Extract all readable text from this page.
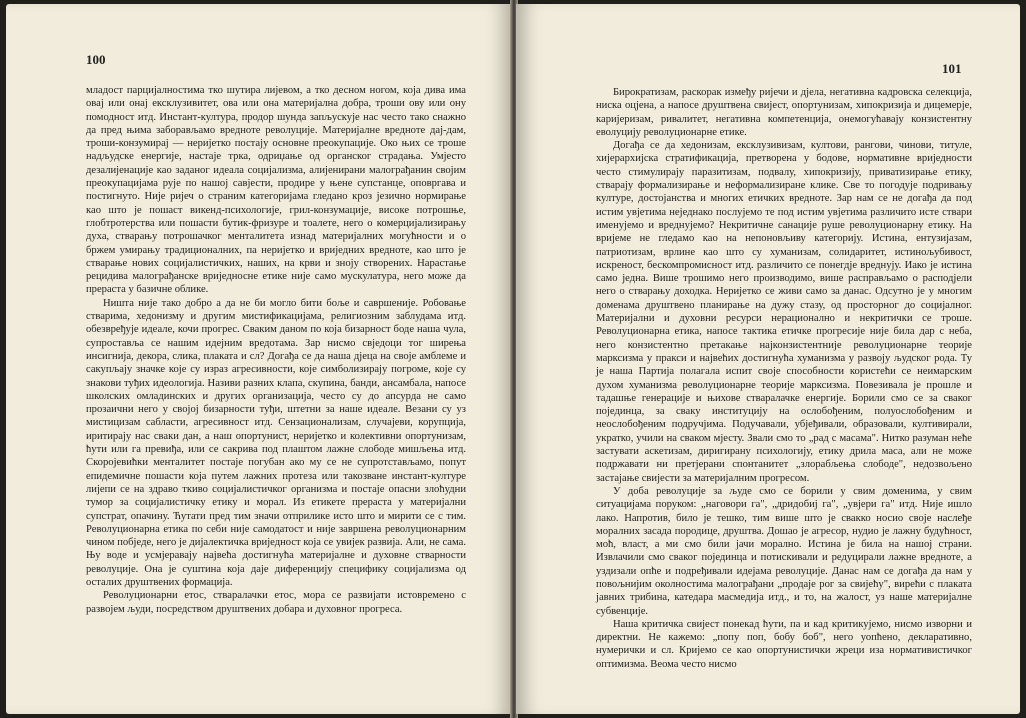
100

младост парцијалностима тко шутира лијевом, а тко десном ногом, која дива има овај или онај ексклузивитет, ова или она материјална добра, троши ову или ону помодност итд. Инстант-култура, продор шунда запљускује нас често тако снажно да пред њима заборављамо вредноте револуције. Материјалне вредноте дај-дам, троши-конзумирај — неријетко постају основне преокупације. Око њих се троше надљудске енергије, настаје трка, одриџање од органског страдања. Умјесто дезалијенације као заданог идеала социјализма, алијенирани малограђанин својим преокупацијама рује по нашој савјести, продире у њене супстанце, оповргава и постигнуто. Није ријеч о страним категоријама гледано кроз језично нормирање као што је пошаст викенд-психологије, грил-конзумације, високе потрошње, глобтротерства или пошасти бутик-фризуре и тоалете, него о комерцијализирању духа, стварању потрошачког менталитета изнад материјалних могућности и о бржем умирању традиционалних, па неријетко и вриједних вредноте, као што је стварање нових социјалистичких, наших, на крви и зноју створених. Нарастање рецидива малограђанске вриједносне етике није само мускулатура, него може да прераста у базичне облике.

Ништа није тако добро а да не би могло бити боље и савршеније. Робовање стварима, хедонизму и другим мистификацијама, религиозним заблудама итд. обезвређује идеале, кочи прогрес. Сваким даном по која бизарност боде наша чула, супростављa се нашим идејним вредотама. Зар нисмо свједоци тог ширења инсигнија, декора, слика, плаката и сл? Догађа се да наша дјеца на своје амблеме и сакупљају значке које су израз агресивности, које симболизирају погроме, које су знакови туђих идеологија. Називи разних клапа, скупина, банди, ансамбала, напосе школских омладинских и других организација, често су до апсурда не само прозаични него у својој бизарности туђи, штетни за наше идеале. Везани су уз мистицизам сабласти, агресивност итд. Сензационализам, случајеви, корупција, иритирају нас сваки дан, а наш опортунист, неријетко и колективни опортунизам, ћути или га превиђа, или се сакрива под плаштом лажне слободе мишљења итд. Скоројевићки менталитет постаје погубан ако му се не супротстављамо, попут епидемичне пошасти која путем лажних протеза или такозване инстант-културе лијепи се на здраво ткиво социјалистичког организма и постаје опасни злоћудни тумор за социјалистичку етику и морал. Из етикете прераста у материјални супстрат, опачину. Ћутати пред тим значи отприлике исто што и мирити се с тим. Револуционарна етика по себи није самодатост и није завршена револуционарним чином побједе, него је дијалектичка вриједност која се увијек развија. Али, не сама. Њу воде и усмјеравају највећа достигнућа материјалне и духовне стварности револуције. Она је суштина која даје диференцију специфику социјализма од осталих друштвених формација.

Револуционарни етос, стваралачки етос, мора се развијати истовремено с развојем људи, посредством друштвених добара и духовног прогреса.

101

Бирократизам, раскорак између ријечи и дјела, негативна кадровска селекција, ниска оцјена, а напосе друштвена свијест, опортунизам, хипокризија и дицемерје, каријеризам, ривалитет, негативна компетенција, онемогућавају конзистентну еволуцију револуционарне етике.

Догађа се да хедонизам, ексклузивизам, култови, рангови, чинови, титуле, хијерархијска стратификација, претворена у бодове, нормативне вриједности често стимулирају паразитизам, подвалу, хипокризију, приватизирање етику, стварају формализирање и неформализиране клике. Све то погодује подривању културе, достојанства и многих етичких вредноте. Зар нам се не догађа да под истим увјетима неједнако послујемо те под истим увјетима различито исте ствари именујемо и вреднујемо? Некритичне санације руше револуционарну етику. На вријеме не гледамо као на непоновљиву категорију. Истина, ентузијазам, патриотизам, врлине као што су хуманизам, солидаритет, истинољубивост, искреност, бескомпромисност итд. различито се понегдје вреднују. Иако је истина само једна. Више трошимо него производимо, више расправљамо о расподјели него о стварању доходка. Неријетко се живи само за данас. Одсутно је у многим доменама друштвено планирање на дужу стазу, од просторног до социјалног. Материјални и духовни ресурси нерационално и некритички се троше. Револуционарна етика, напосе тактика етичке прогресије није била дар с неба, него конзистентно претакање најконзистентније револуционарне теорије марксизма у пракси и највећих достигнућа хуманизма у развоју људског рода. Ту је наша Партија полагала испит своје способности користећи се неимарским духом хуманизма револуционарне теорије марксизма. Повезивала је прошле и тадашње генерације и њихове стваралачке енергије. Борили смо се за сваког појединца, за сваку институцију на ослобођеним, полуослобођеним и неослобођеним подручјима. Подучавали, убјеђивали, образовали, култивирали, укратко, учили на сваком мјесту. Звали смо то „рад с масама". Нитко разуман неће застувати аскетизам, диригирану психологију, етику дрила маса, али не може подржавати ни претјерани спонтанитет „злорабљења слободе", недозвољено застајање свијести за материјалним прогресом.

У доба револуције за људе смо се борили у свим доменима, у свим ситуацијама поруком: „наговори га", „дридобиј га", „увјери га" итд. Није ишло лако. Напротив, било је тешко, тим више што је свакко носио своје наслеђе моралних засада породице, друштва. Дошао је агресор, нудио је лажну будућност, моћ, власт, а ми смо били јачи морално. Истина је била на нашој страни. Извлачили смо сваког појединца и потискивали и редуцирали лажне вредноте, а уздизали опће и подређивали идејама револуције. Данас нам се догађа да нам у повољнијим околностима малограђани „продаје рог за свијећу", вирећи с плаката јавних трибина, катедара масмедија итд., и то, на жалост, уз наше материјалне субвенције.

Наша критичка свијест понекад ћути, па и кад критикујемо, нисмо изворни и директни. Не кажемо: „попу поп, бобу боб", него уопћено, декларативно, нумерички и сл. Кријемо се као опортунистички жреци иза нормативистичког оптимизма. Веома често нисмо
